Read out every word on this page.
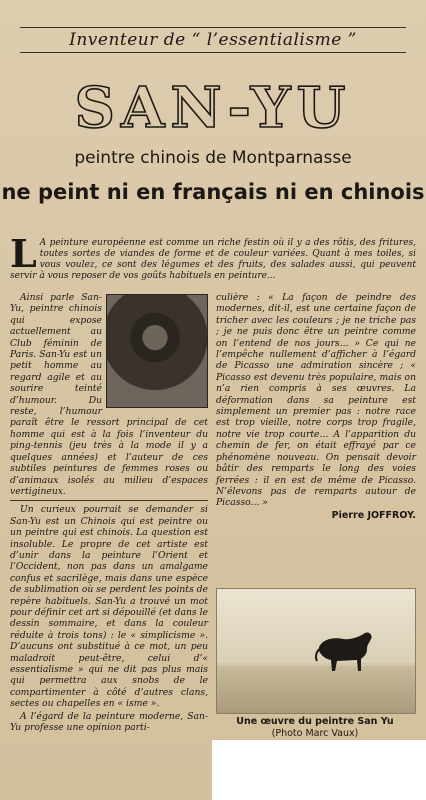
Inventeur de “ l’essentialisme ”
SAN-YU
peintre chinois de Montparnasse
ne peint ni en français ni en chinois
L A peinture européenne est comme un riche festin où il y a des rôtis, des fritures, toutes sortes de viandes de forme et de couleur variées. Quant à mes toiles, si vous voulez, ce sont des légumes et des fruits, des salades aussi, qui peuvent servir à vous reposer de vos goûts habituels en peinture...

Ainsi parle San-Yu, peintre chinois qui expose actuellement au Club féminin de Paris. San-Yu est un petit homme au regard agile et au sourire teinté d’humour. Du reste, l’humour paraît être le ressort principal de cet homme qui est à la fois l’inventeur du ping-tennis (jeu très à la mode il y a quelques années) et l’auteur de ces subtiles peintures de femmes roses ou d’animaux isolés au milieu d’espaces vertigineux.

Un curieux pourrait se demander si San-Yu est un Chinois qui est peintre ou un peintre qui est chinois. La question est insoluble. Le propre de cet artiste est d’unir dans la peinture l’Orient et l’Occident, non pas dans un amalgame confus et sacrilège, mais dans une espèce de sublimation où se perdent les points de repère habituels. San-Yu a trouvé un mot pour définir cet art si dépouillé (et dans le dessin sommaire, et dans la couleur réduite à trois tons) : le « simplicisme ». D’aucuns ont substitué à ce mot, un peu maladroit peut-être, celui d’« essentialisme » qui ne dit pas plus mais qui permettra aux snobs de le compartimenter à côté d’autres clans, sectes ou chapelles en « isme ».

A l’égard de la peinture moderne, San-Yu professe une opinion parti-

culière : « La façon de peindre des modernes, dit-il, est une certaine façon de tricher avec les couleurs ; je ne triche pas ; je ne puis donc être un peintre comme on l’entend de nos jours... » Ce qui ne l’empêche nullement d’afficher à l’égard de Picasso une admiration sincère ; « Picasso est devenu très populaire, mais on n’a rien compris à ses œuvres. La déformation dans sa peinture est simplement un premier pas : notre race est trop vieille, notre corps trop fragile, notre vie trop courte... A l’apparition du chemin de fer, on était effrayé par ce phénomène nouveau. On pensait devoir bâtir des remparts le long des voies ferrées : il en est de même de Picasso. N’élevons pas de remparts autour de Picasso... »

Pierre JOFFROY.
Une œuvre du peintre San Yu
(Photo Marc Vaux)
